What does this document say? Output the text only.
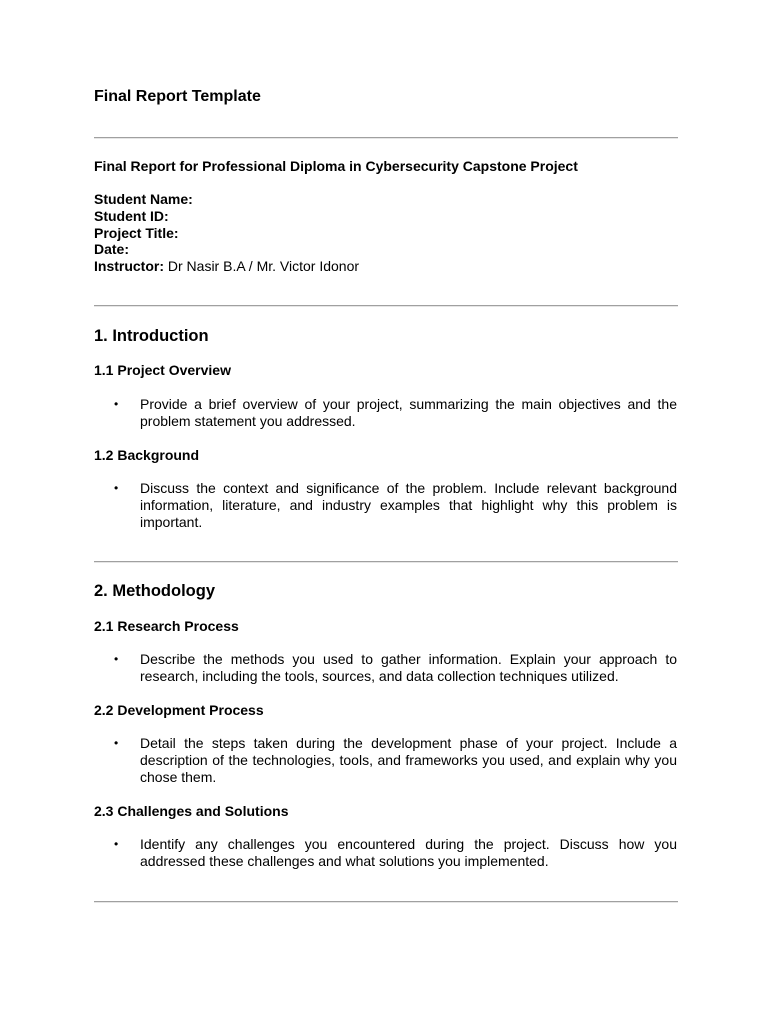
Final Report Template
Final Report for Professional Diploma in Cybersecurity Capstone Project
Student Name:
Student ID:
Project Title:
Date:
Instructor: Dr Nasir B.A / Mr. Victor Idonor
1. Introduction
1.1 Project Overview
•	Provide a brief overview of your project, summarizing the main objectives and the problem statement you addressed.
1.2 Background
•	Discuss the context and significance of the problem. Include relevant background information, literature, and industry examples that highlight why this problem is important.
2. Methodology
2.1 Research Process
•	Describe the methods you used to gather information. Explain your approach to research, including the tools, sources, and data collection techniques utilized.
2.2 Development Process
•	Detail the steps taken during the development phase of your project. Include a description of the technologies, tools, and frameworks you used, and explain why you chose them.
2.3 Challenges and Solutions
•	Identify any challenges you encountered during the project. Discuss how you addressed these challenges and what solutions you implemented.
